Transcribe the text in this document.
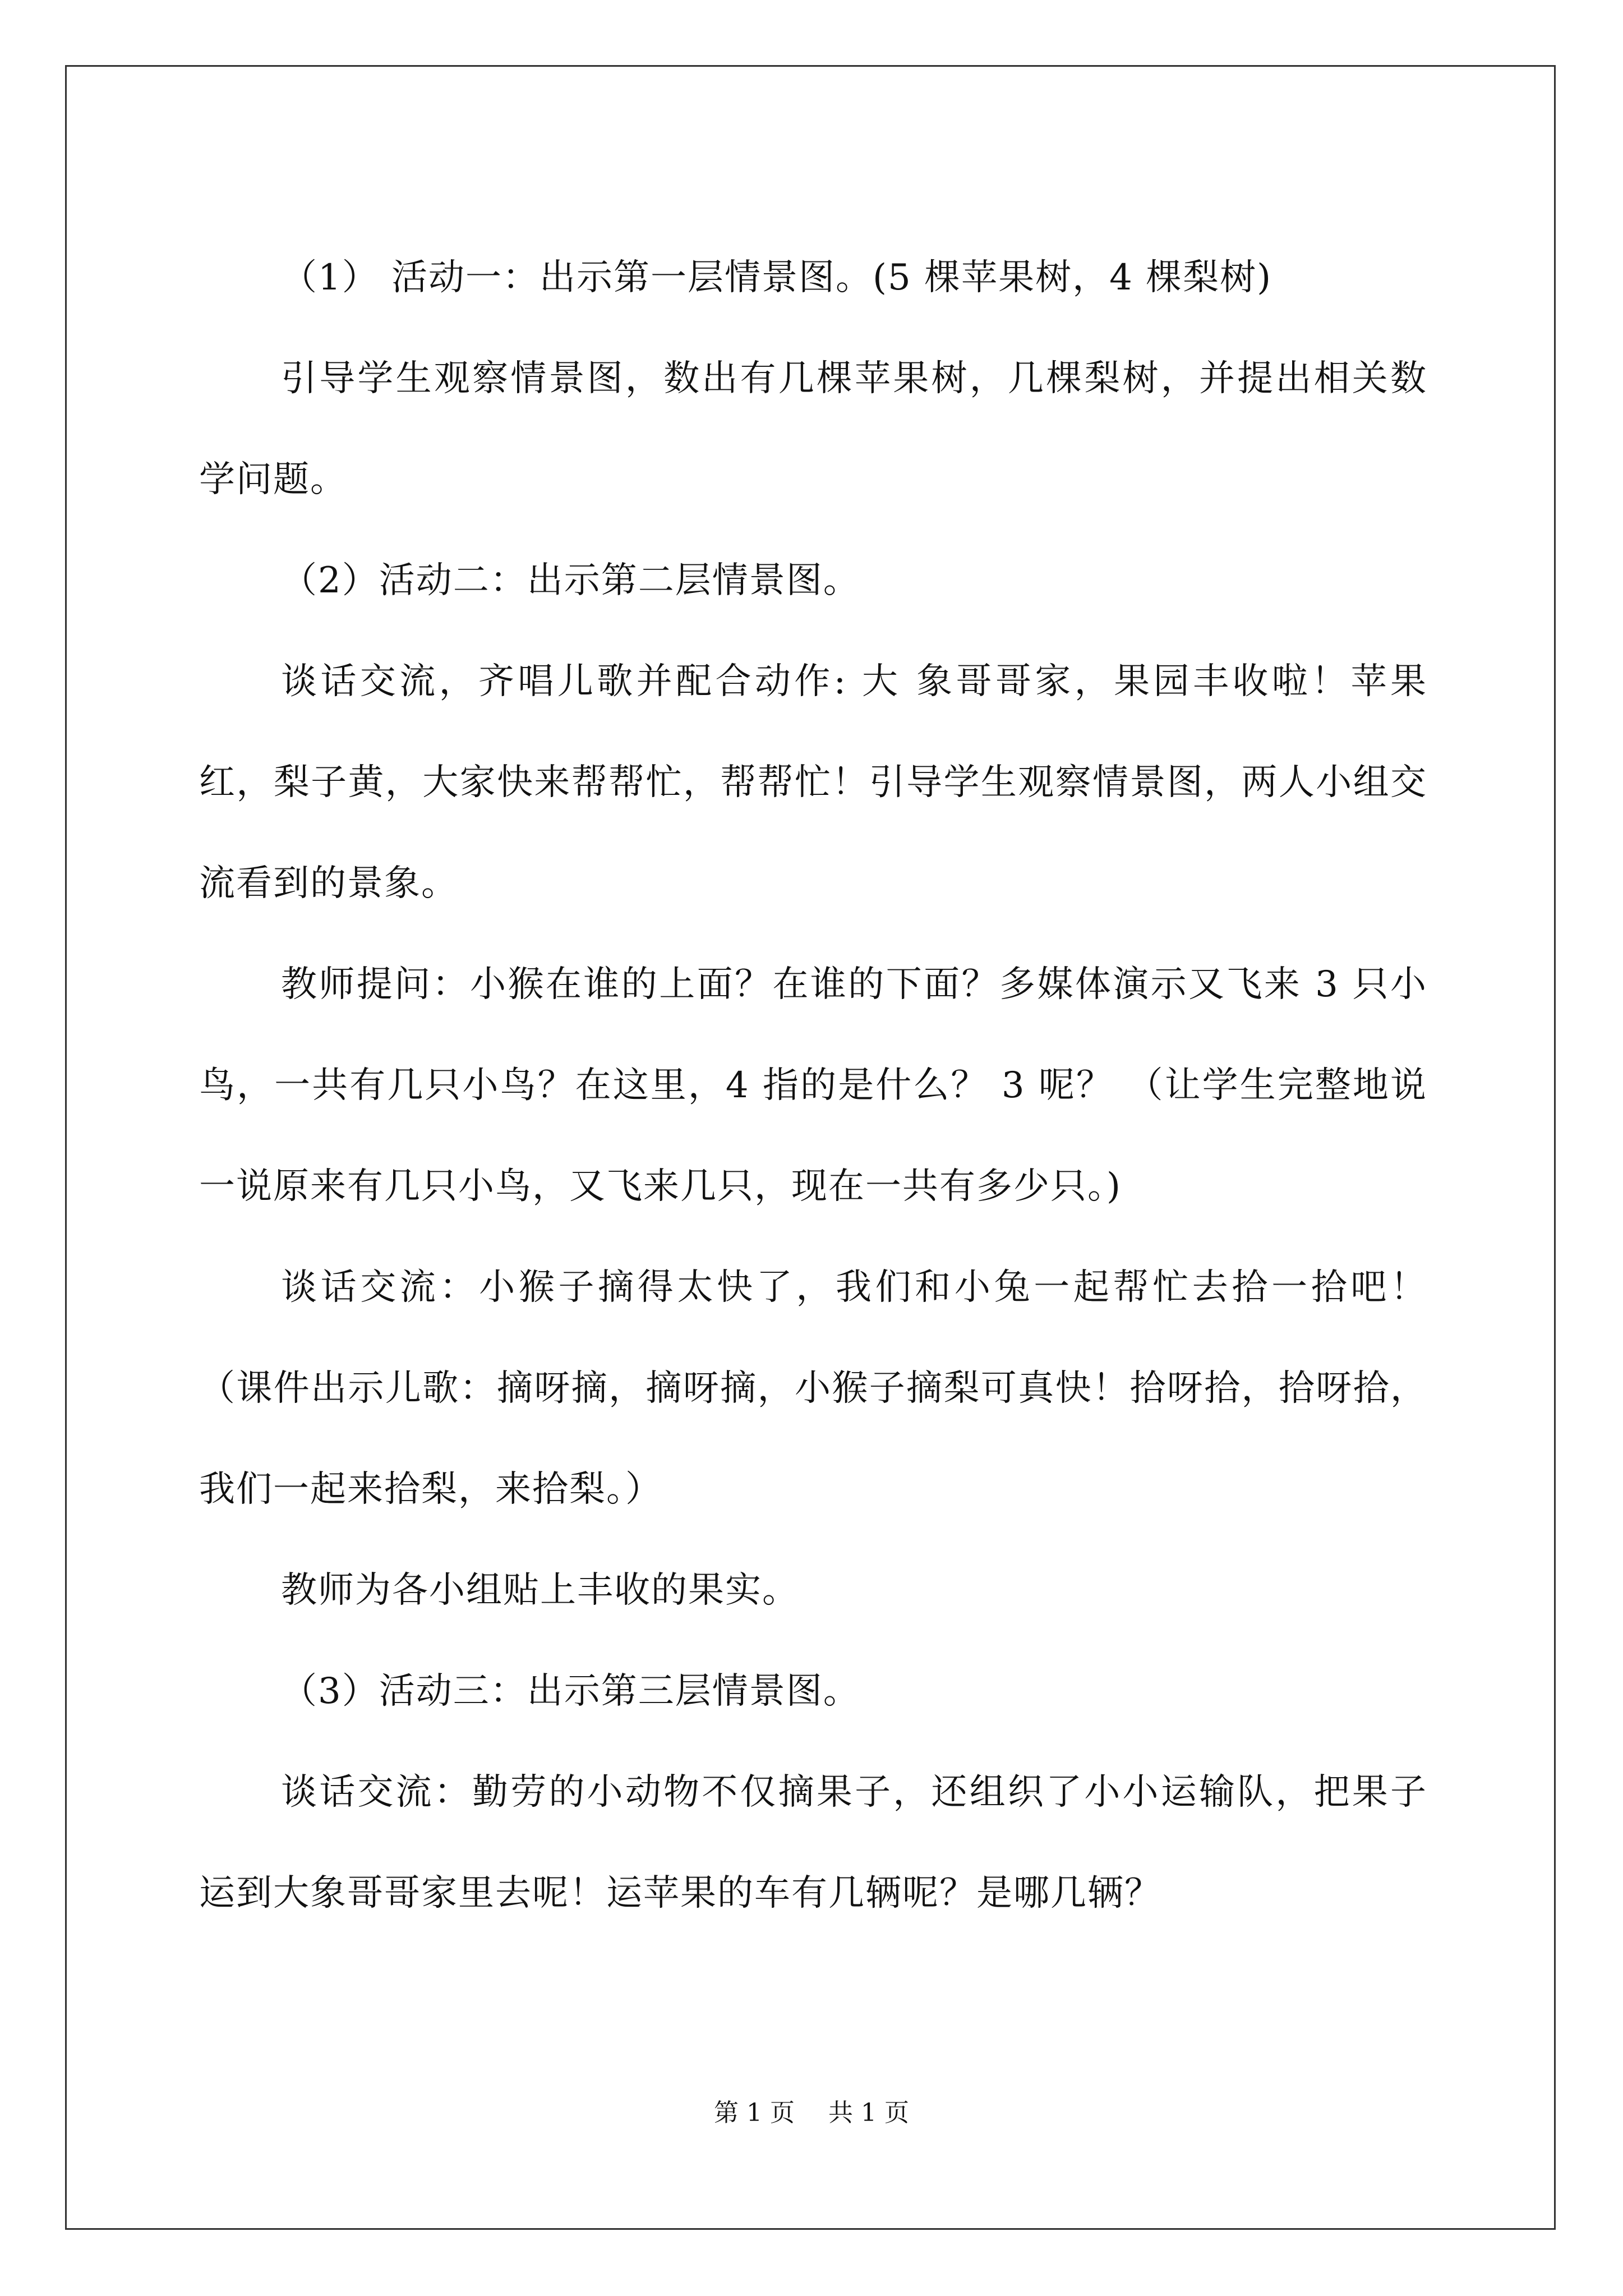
（1） 活动一：出示第一层情景图。(5 棵苹果树，4 棵梨树)

引导学生观察情景图，数出有几棵苹果树，几棵梨树，并提出相关数学问题。

（2）活动二：出示第二层情景图。

谈话交流，齐唱儿歌并配合动作: 大 象哥哥家，果园丰收啦！苹果红，梨子黄，大家快来帮帮忙，帮帮忙！引导学生观察情景图，两人小组交流看到的景象。

教师提问：小猴在谁的上面？在谁的下面？多媒体演示又飞来 3 只小鸟，一共有几只小鸟？在这里，4 指的是什么？ 3 呢？ （让学生完整地说一说原来有几只小鸟，又飞来几只，现在一共有多少只。)

谈话交流：小猴子摘得太快了，我们和小兔一起帮忙去拾一拾吧！（课件出示儿歌：摘呀摘，摘呀摘，小猴子摘梨可真快！拾呀拾，拾呀拾，我们一起来拾梨，来拾梨。）

教师为各小组贴上丰收的果实。

（3）活动三：出示第三层情景图。

谈话交流：勤劳的小动物不仅摘果子，还组织了小小运输队，把果子运到大象哥哥家里去呢！运苹果的车有几辆呢？是哪几辆？

第 1 页 共 1 页
